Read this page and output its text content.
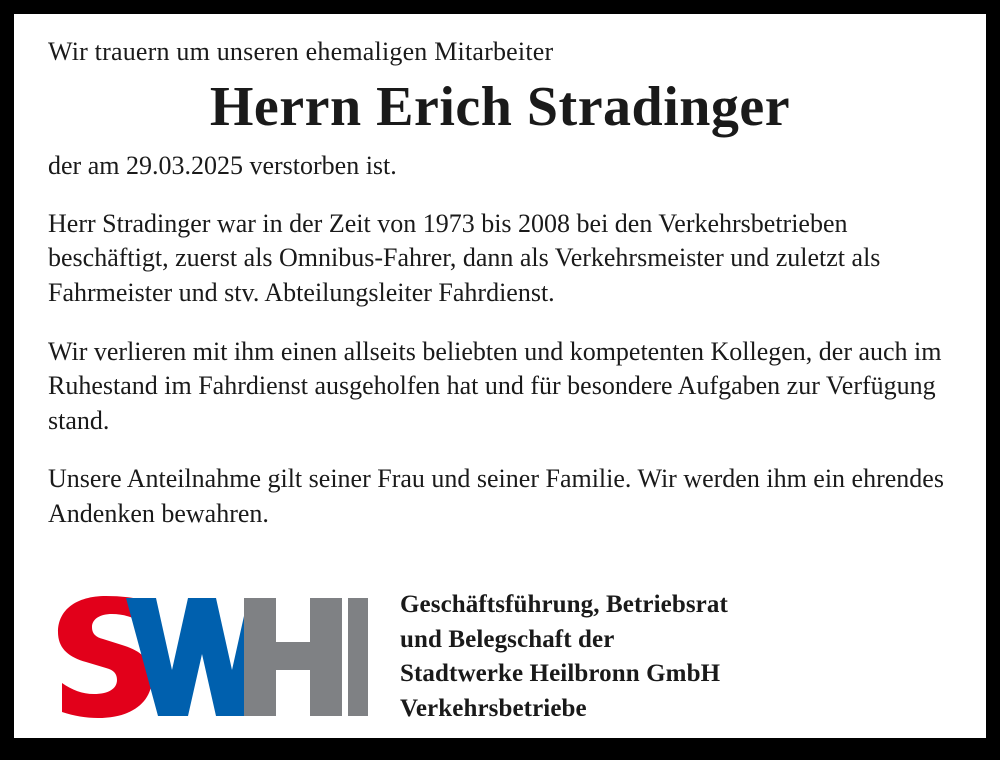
Wir trauern um unseren ehemaligen Mitarbeiter

Herrn Erich Stradinger

der am 29.03.2025 verstorben ist.

Herr Stradinger war in der Zeit von 1973 bis 2008 bei den Verkehrsbetrieben beschäftigt, zuerst als Omnibus-Fahrer, dann als Verkehrsmeister und zuletzt als Fahrmeister und stv. Abteilungsleiter Fahrdienst.

Wir verlieren mit ihm einen allseits beliebten und kompetenten Kollegen, der auch im Ruhestand im Fahrdienst ausgeholfen hat und für besondere Aufgaben zur Verfügung stand.

Unsere Anteilnahme gilt seiner Frau und seiner Familie. Wir werden ihm ein ehrendes Andenken bewahren.

Geschäftsführung, Betriebsrat
und Belegschaft der
Stadtwerke Heilbronn GmbH
Verkehrsbetriebe
